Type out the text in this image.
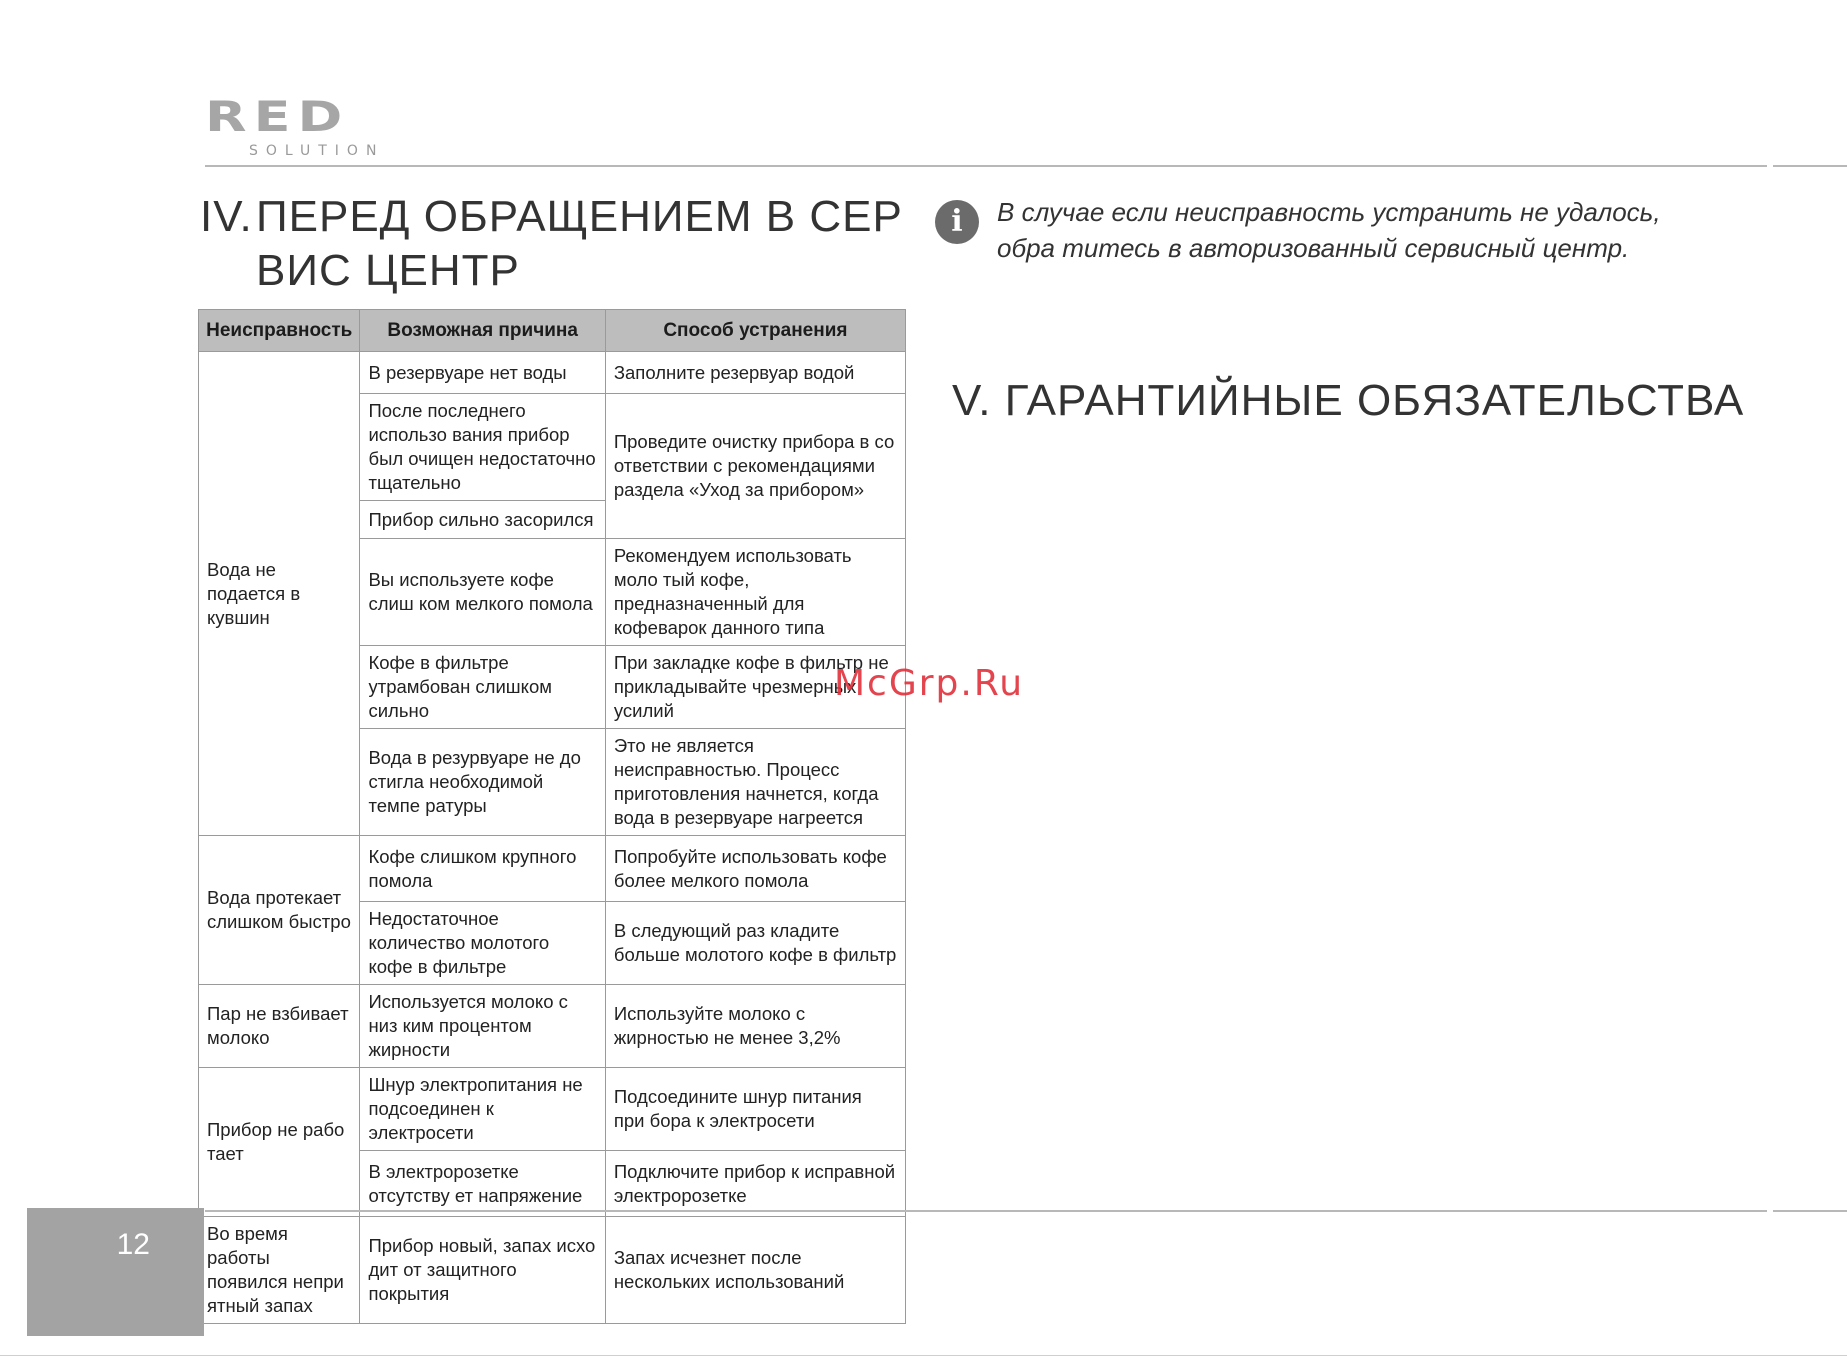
RED
SOLUTION
IV.ПЕРЕД ОБРАЩЕНИЕМ В СЕР
ВИС ЦЕНТР
Неисправность	Возможная причина	Способ устранения
Вода не подается в кувшин	В резервуаре нет воды	Заполните резервуар водой
	После последнего использо вания прибор был очищен недостаточно тщательно	Проведите очистку прибора в со ответствии с рекомендациями раздела «Уход за прибором»
	Прибор сильно засорился	
	Вы используете кофе слиш ком мелкого помола	Рекомендуем использовать моло тый кофе, предназначенный для кофеварок данного типа
	Кофе в фильтре утрамбован слишком сильно	При закладке кофе в фильтр не прикладывайте чрезмерных усилий
	Вода в резурвуаре не до стигла необходимой темпе ратуры	Это не является неисправностью. Процесс приготовления начнется, когда вода в резервуаре нагреется
Вода протекает слишком быстро	Кофе слишком крупного помола	Попробуйте использовать кофе более мелкого помола
	Недостаточное количество молотого кофе в фильтре	В следующий раз кладите больше молотого кофе в фильтр
Пар не взбивает молоко	Используется молоко с низ ким процентом жирности	Используйте молоко с жирностью не менее 3,2%
Прибор не рабо тает	Шнур электропитания не подсоединен к электросети	Подсоедините шнур питания при бора к электросети
	В электророзетке отсутству ет напряжение	Подключите прибор к исправной электророзетке
Во время работы появился непри ятный запах	Прибор новый, запах исхо дит от защитного покрытия	Запах исчезнет после нескольких использований
i	В случае если неисправность устранить не удалось, обра титесь в авторизованный сервисный центр.

V. ГАРАНТИЙНЫЕ ОБЯЗАТЕЛЬСТВА
McGrp.Ru
12
